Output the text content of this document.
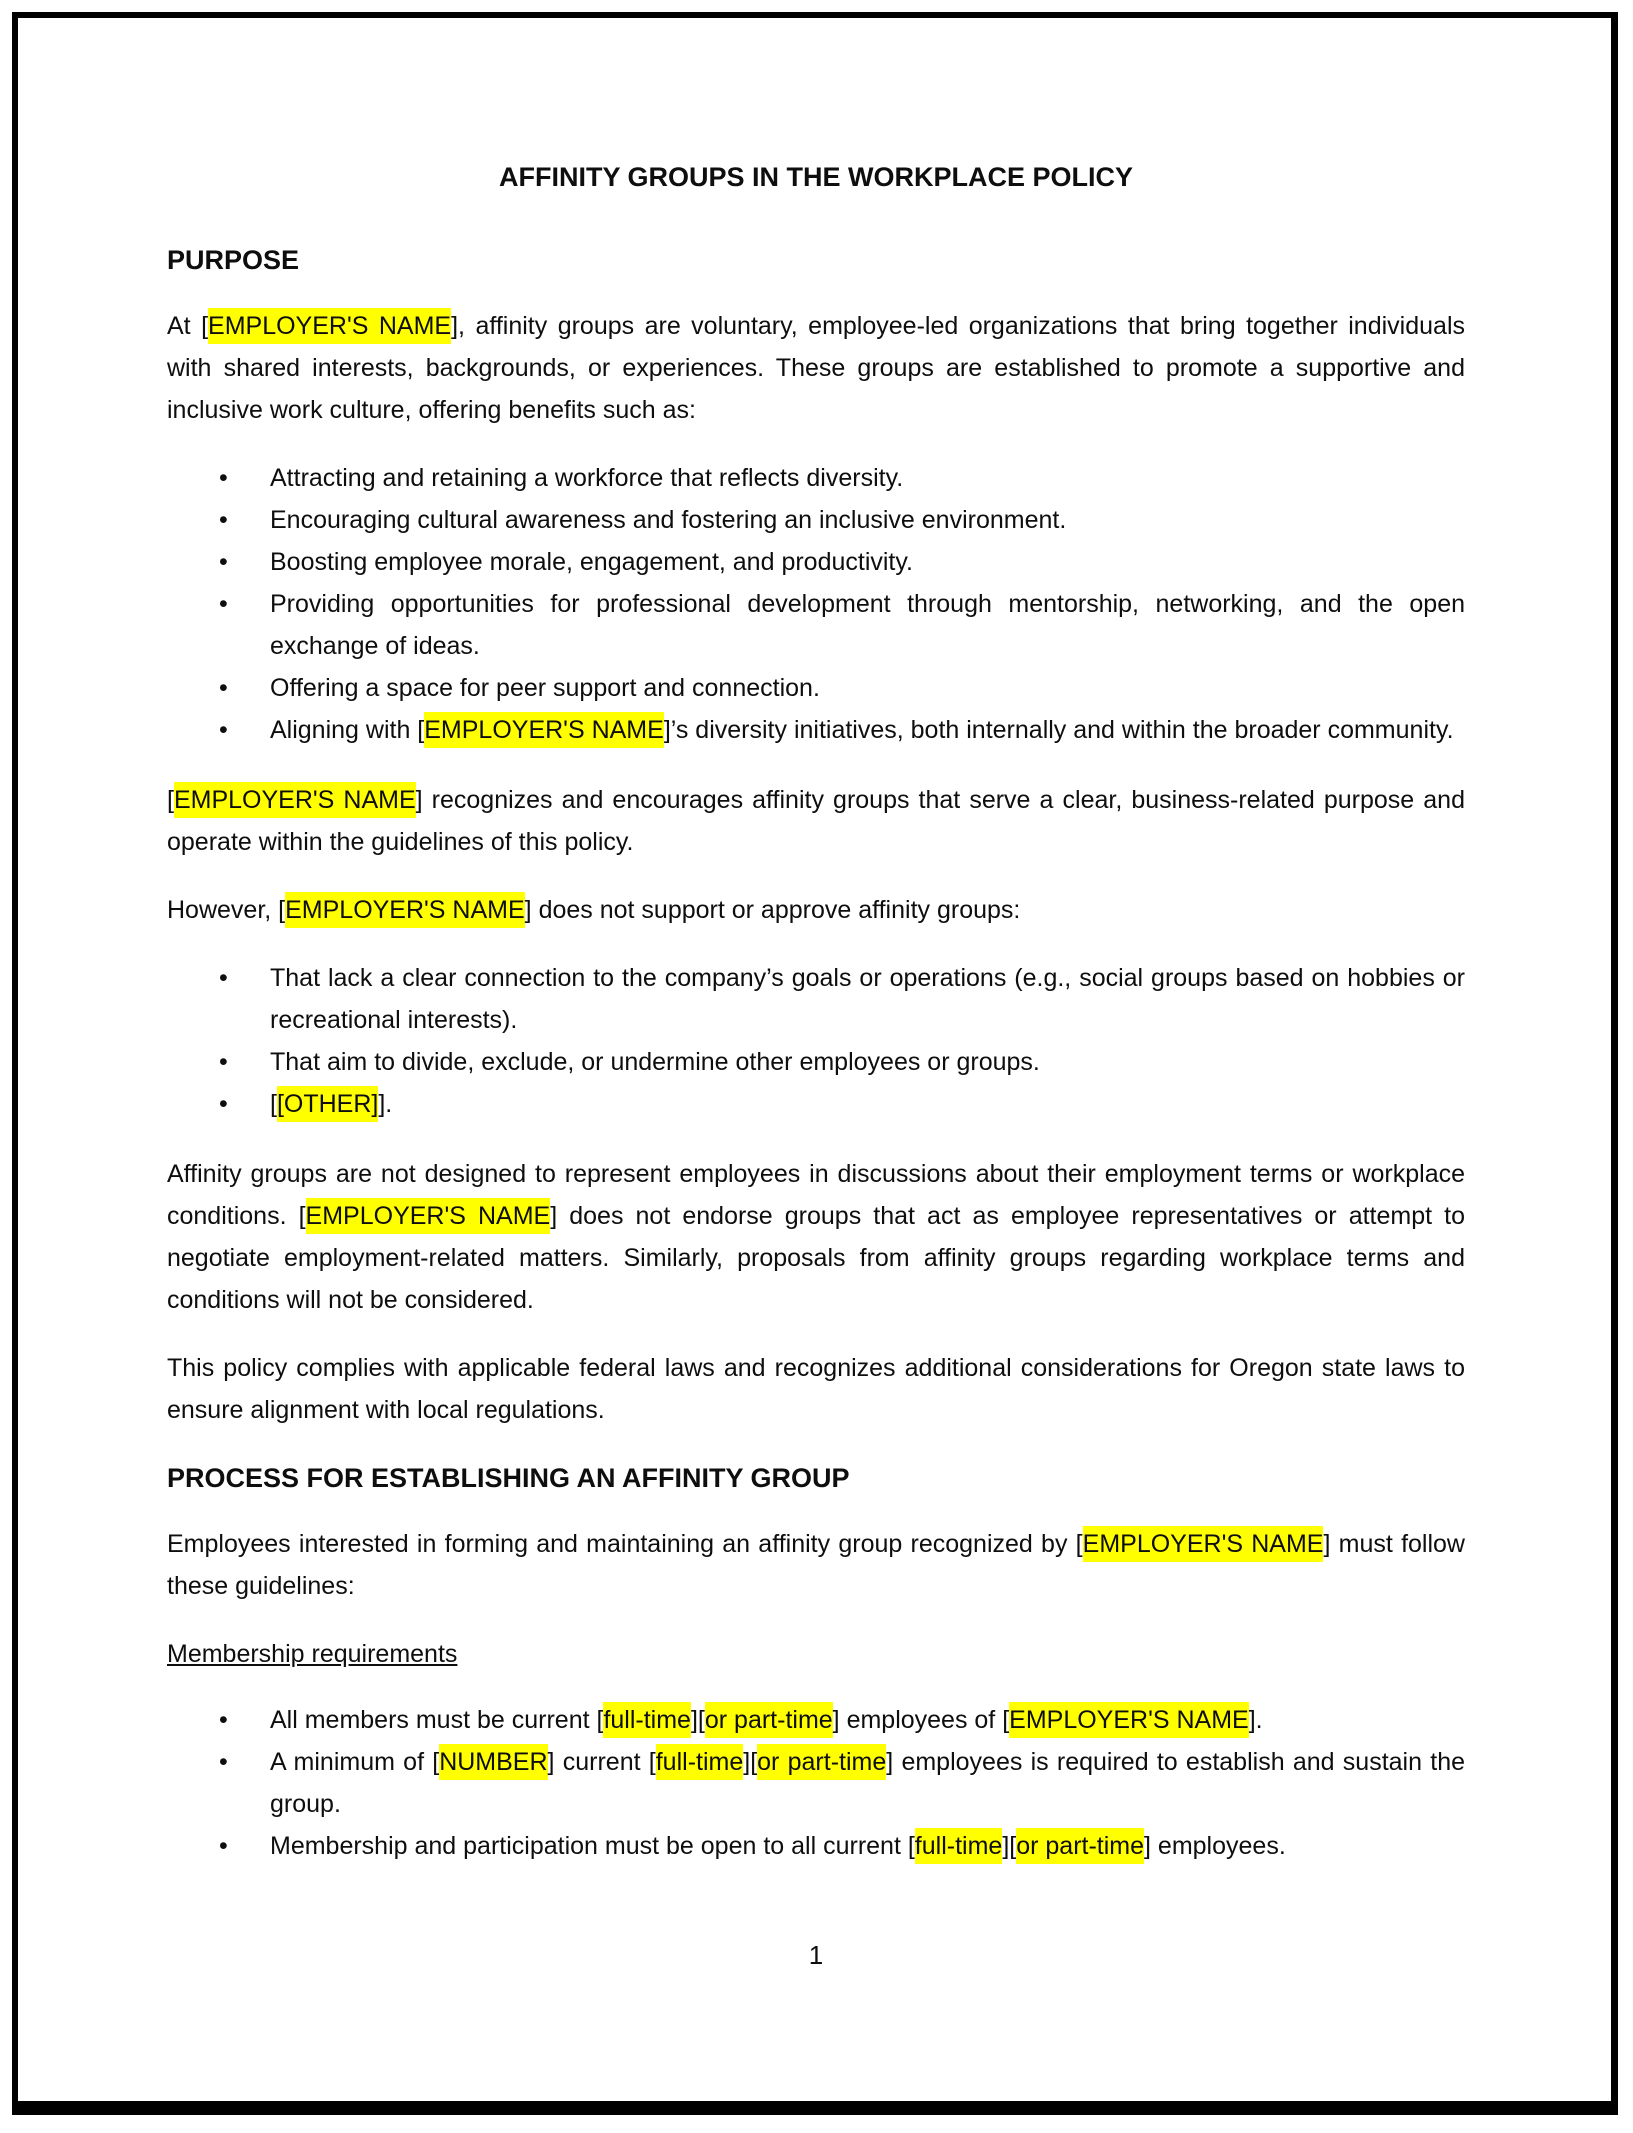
AFFINITY GROUPS IN THE WORKPLACE POLICY
PURPOSE

At [EMPLOYER'S NAME], affinity groups are voluntary, employee-led organizations that bring together individuals with shared interests, backgrounds, or experiences. These groups are established to promote a supportive and inclusive work culture, offering benefits such as:

• Attracting and retaining a workforce that reflects diversity.
• Encouraging cultural awareness and fostering an inclusive environment.
• Boosting employee morale, engagement, and productivity.
• Providing opportunities for professional development through mentorship, networking, and the open exchange of ideas.
• Offering a space for peer support and connection.
• Aligning with [EMPLOYER'S NAME]’s diversity initiatives, both internally and within the broader community.

[EMPLOYER'S NAME] recognizes and encourages affinity groups that serve a clear, business-related purpose and operate within the guidelines of this policy.

However, [EMPLOYER'S NAME] does not support or approve affinity groups:

• That lack a clear connection to the company’s goals or operations (e.g., social groups based on hobbies or recreational interests).
• That aim to divide, exclude, or undermine other employees or groups.
• [[OTHER]].

Affinity groups are not designed to represent employees in discussions about their employment terms or workplace conditions. [EMPLOYER'S NAME] does not endorse groups that act as employee representatives or attempt to negotiate employment-related matters. Similarly, proposals from affinity groups regarding workplace terms and conditions will not be considered.

This policy complies with applicable federal laws and recognizes additional considerations for Oregon state laws to ensure alignment with local regulations.

PROCESS FOR ESTABLISHING AN AFFINITY GROUP

Employees interested in forming and maintaining an affinity group recognized by [EMPLOYER'S NAME] must follow these guidelines:

Membership requirements
• All members must be current [full-time][or part-time] employees of [EMPLOYER'S NAME].
• A minimum of [NUMBER] current [full-time][or part-time] employees is required to establish and sustain the group.
• Membership and participation must be open to all current [full-time][or part-time] employees.
1
